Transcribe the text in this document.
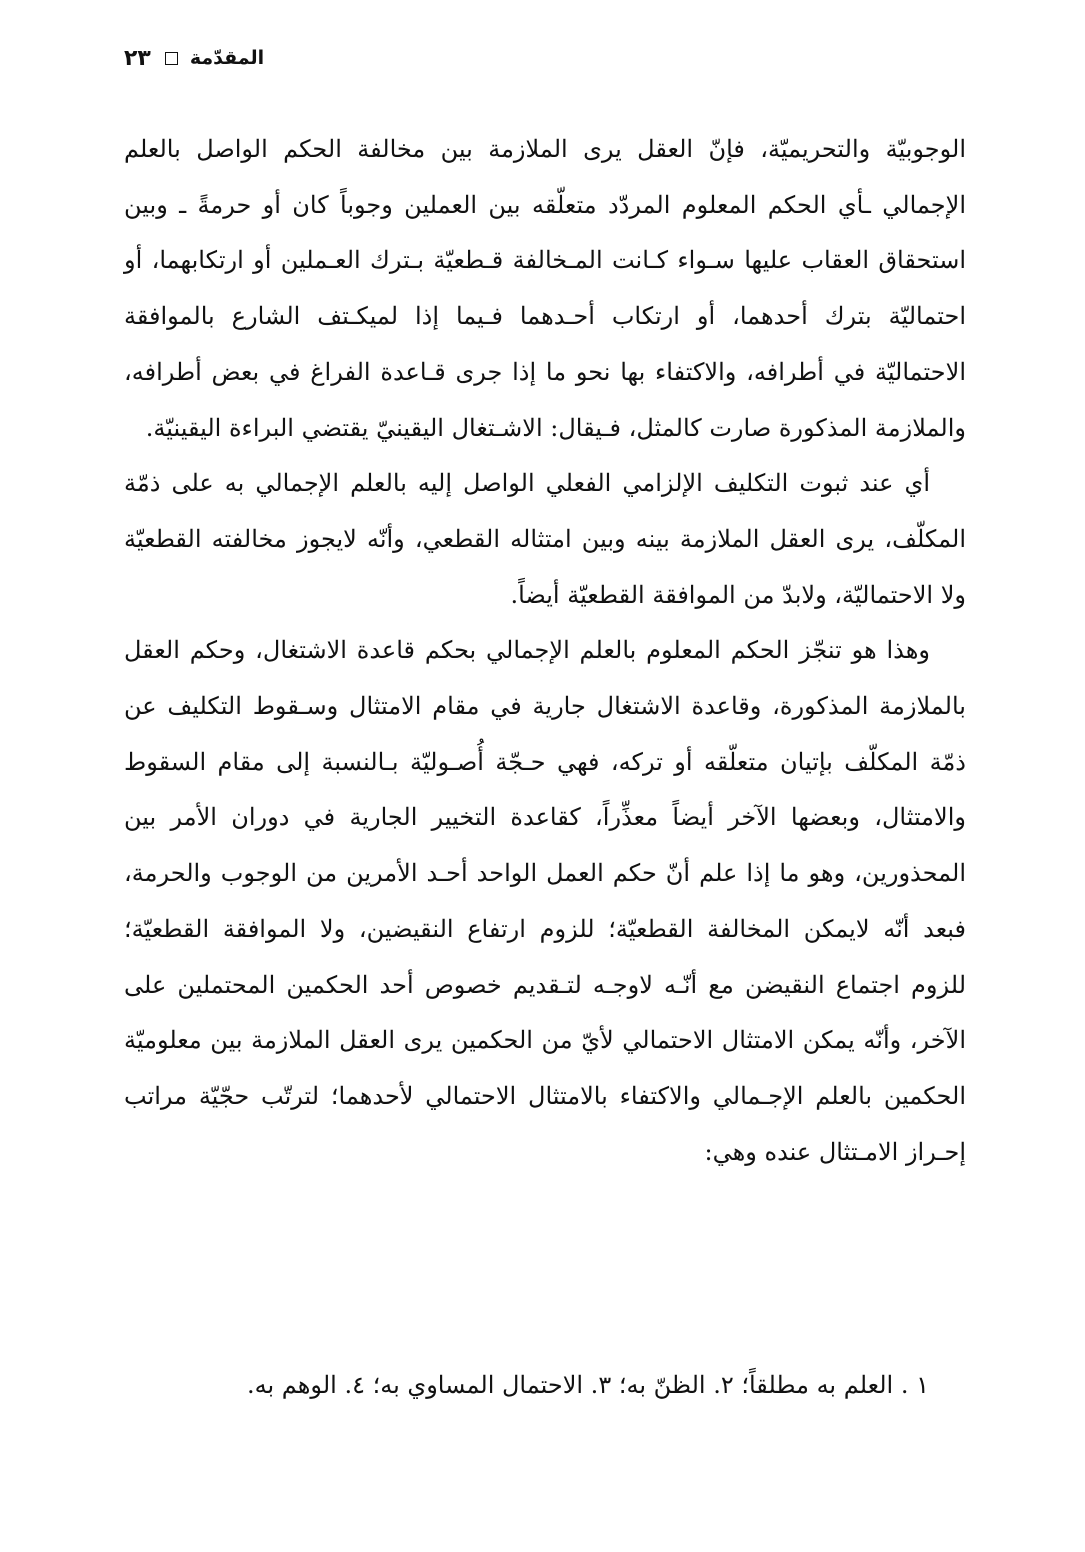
٢٣ المقدّمة

الوجوبيّة والتحريميّة، فإنّ العقل يرى الملازمة بين مخالفة الحكم الواصل بالعلم الإجمالي ـأي الحكم المعلوم المردّد متعلّقه بين العملين وجوباً كان أو حرمةً ـ وبين استحقاق العقاب عليها سـواء كـانت المـخالفة قـطعيّة بـترك العـملين أو ارتكابهما، أو احتماليّة بترك أحدهما، أو ارتكاب أحـدهما فـيما إذا لميكـتف الشارع بالموافقة الاحتماليّة في أطرافه، والاكتفاء بها نحو ما إذا جرى قـاعدة الفراغ في بعض أطرافه، والملازمة المذكورة صارت كالمثل، فـيقال: الاشـتغال اليقينيّ يقتضي البراءة اليقينيّة.

أي عند ثبوت التكليف الإلزامي الفعلي الواصل إليه بالعلم الإجمالي به على ذمّة المكلّف، يرى العقل الملازمة بينه وبين امتثاله القطعي، وأنّه لايجوز مخالفته القطعيّة ولا الاحتماليّة، ولابدّ من الموافقة القطعيّة أيضاً.

وهذا هو تنجّز الحكم المعلوم بالعلم الإجمالي بحكم قاعدة الاشتغال، وحكم العقل بالملازمة المذكورة، وقاعدة الاشتغال جارية في مقام الامتثال وسـقوط التكليف عن ذمّة المكلّف بإتيان متعلّقه أو تركه، فهي حـجّة أُصـوليّة بـالنسبة إلى مقام السقوط والامتثال، وبعضها الآخر أيضاً معذِّراً، كقاعدة التخيير الجارية في دوران الأمر بين المحذورين، وهو ما إذا علم أنّ حكم العمل الواحد أحـد الأمرين من الوجوب والحرمة، فبعد أنّه لايمكن المخالفة القطعيّة؛ للزوم ارتفاع النقيضين، ولا الموافقة القطعيّة؛ للزوم اجتماع النقيضن مع أنّـه لاوجـه لتـقديم خصوص أحد الحكمين المحتملين على الآخر، وأنّه يمكن الامتثال الاحتمالي لأيّ من الحكمين يرى العقل الملازمة بين معلوميّة الحكمين بالعلم الإجـمالي والاكتفاء بالامتثال الاحتمالي لأحدهما؛ لترتّب حجّيّة مراتب إحـراز الامـتثال عنده وهي:

١ . العلم به مطلقاً؛ ٢. الظنّ به؛ ٣. الاحتمال المساوي به؛ ٤. الوهم به.
